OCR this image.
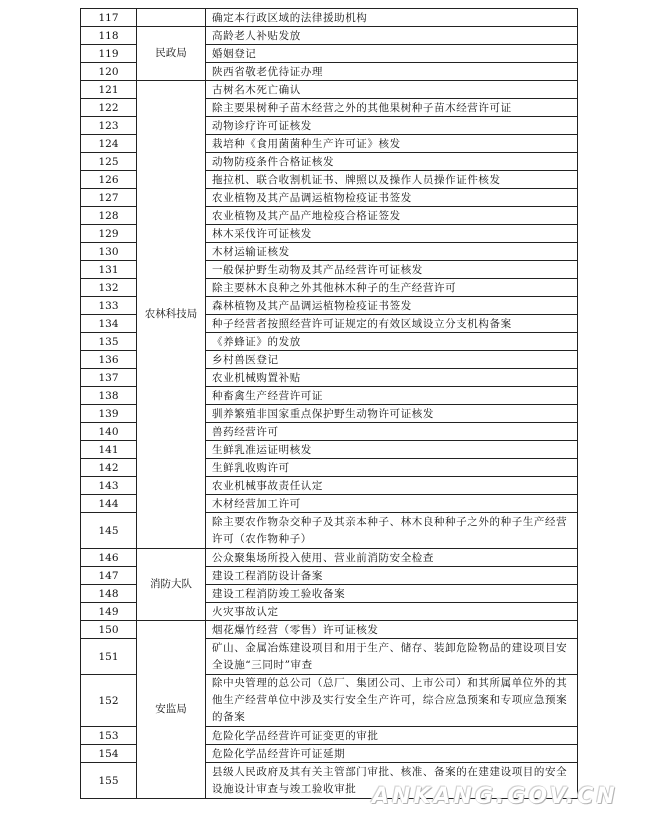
117		确定本行政区域的法律援助机构
118	民政局	高龄老人补贴发放
119		婚姻登记
120		陕西省敬老优待证办理
121	农林科技局	古树名木死亡确认
122		除主要果树种子苗木经营之外的其他果树种子苗木经营许可证
123		动物诊疗许可证核发
124		栽培种《食用菌菌种生产许可证》核发
125		动物防疫条件合格证核发
126		拖拉机、联合收割机证书、牌照以及操作人员操作证件核发
127		农业植物及其产品调运植物检疫证书签发
128		农业植物及其产品产地检疫合格证签发
129		林木采伐许可证核发
130		木材运输证核发
131		一般保护野生动物及其产品经营许可证核发
132		除主要林木良种之外其他林木种子的生产经营许可
133		森林植物及其产品调运植物检疫证书签发
134		种子经营者按照经营许可证规定的有效区域设立分支机构备案
135		《养蜂证》的发放
136		乡村兽医登记
137		农业机械购置补贴
138		种畜禽生产经营许可证
139		驯养繁殖非国家重点保护野生动物许可证核发
140		兽药经营许可
141		生鲜乳准运证明核发
142		生鲜乳收购许可
143		农业机械事故责任认定
144		木材经营加工许可
145		除主要农作物杂交种子及其亲本种子、林木良种种子之外的种子生产经营许可（农作物种子）
146	消防大队	公众聚集场所投入使用、营业前消防安全检查
147		建设工程消防设计备案
148		建设工程消防竣工验收备案
149		火灾事故认定
150	安监局	烟花爆竹经营（零售）许可证核发
151		矿山、金属冶炼建设项目和用于生产、储存、装卸危险物品的建设项目安全设施“三同时”审查
152		除中央管理的总公司（总厂、集团公司、上市公司）和其所属单位外的其他生产经营单位中涉及实行安全生产许可，综合应急预案和专项应急预案的备案
153		危险化学品经营许可证变更的审批
154		危险化学品经营许可证延期
155		县级人民政府及其有关主管部门审批、核准、备案的在建建设项目的安全设施设计审查与竣工验收审批 ANKANG.GOV.CN
